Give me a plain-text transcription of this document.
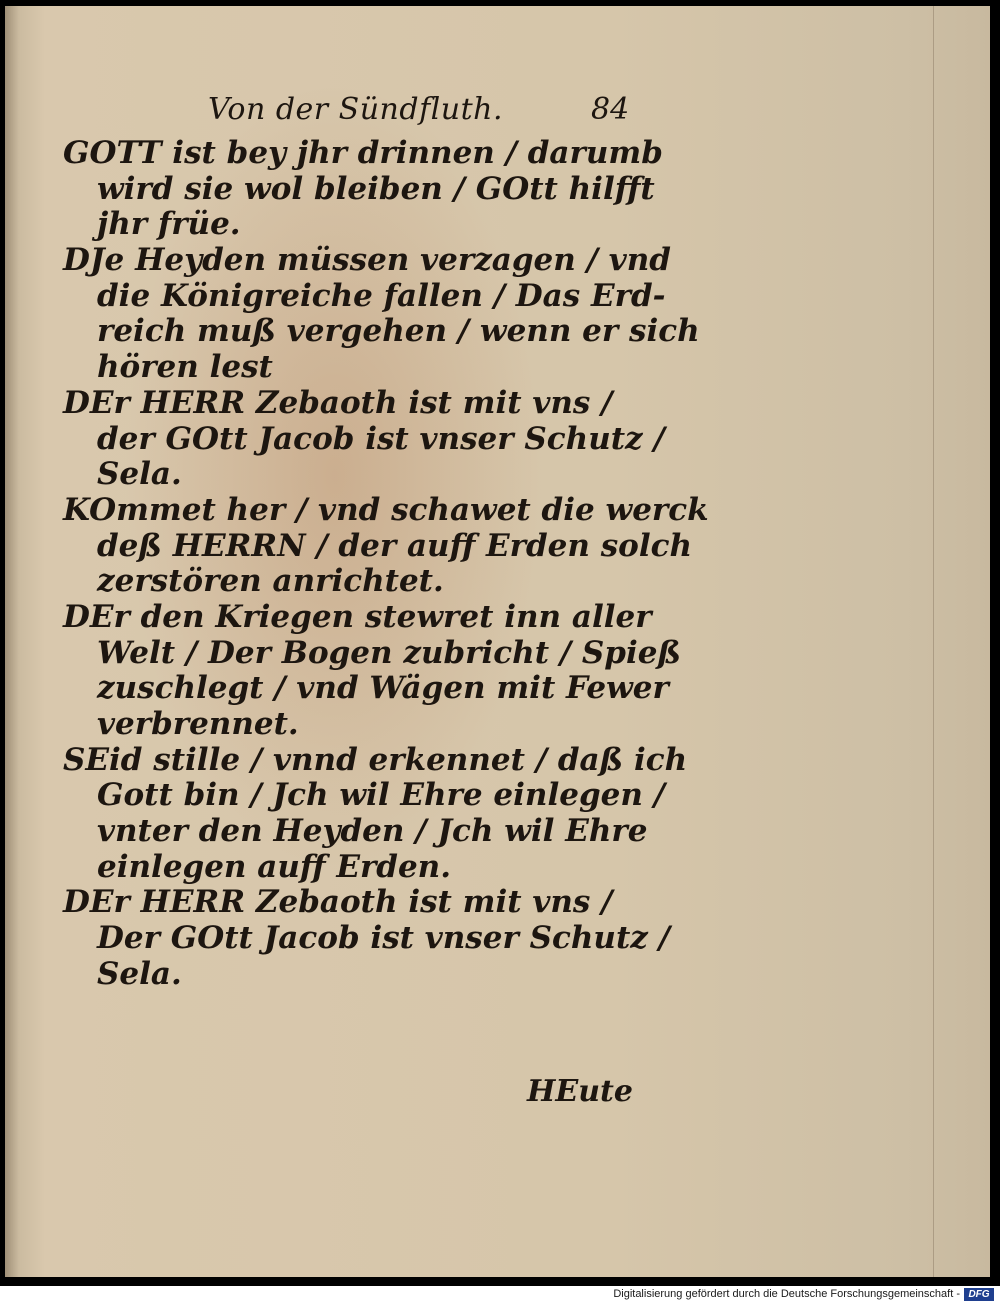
Von der Sündfluth.	84
GOTT ist bey jhr drinnen / darumb
wird sie wol bleiben / GOtt hilfft
jhr früe.
DJe Heyden müssen verzagen / vnd
die Königreiche fallen / Das Erd-
reich muß vergehen / wenn er sich
hören lest
DEr HERR Zebaoth ist mit vns /
der GOtt Jacob ist vnser Schutz /
Sela.
KOmmet her / vnd schawet die werck
deß HERRN / der auff Erden solch
zerstören anrichtet.
DEr den Kriegen stewret inn aller
Welt / Der Bogen zubricht / Spieß
zuschlegt / vnd Wägen mit Fewer
verbrennet.
SEid stille / vnnd erkennet / daß ich
Gott bin / Jch wil Ehre einlegen /
vnter den Heyden / Jch wil Ehre
einlegen auff Erden.
DEr HERR Zebaoth ist mit vns /
Der GOtt Jacob ist vnser Schutz /
Sela.
HEute
Digitalisierung gefördert durch die Deutsche Forschungsgemeinschaft - DFG
